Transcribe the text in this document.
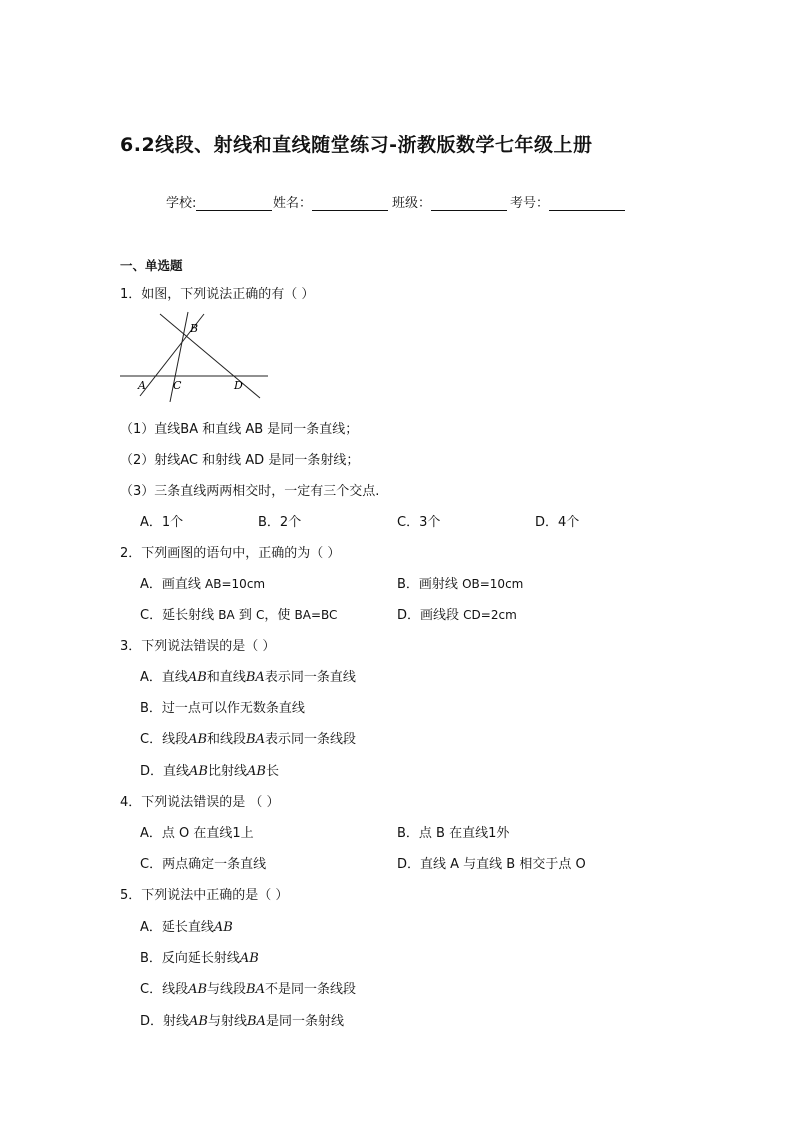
6.2线段、射线和直线随堂练习-浙教版数学七年级上册
学校:	姓名：	班级：	考号：
一、单选题
1．如图，下列说法正确的有（ ）
A C	D
B
（1）直线BA 和直线 AB 是同一条直线；
（2）射线AC 和射线 AD 是同一条射线；
（3）三条直线两两相交时，一定有三个交点.
A．1个	B．2个	C．3个	D．4个
2．下列画图的语句中，正确的为（ ）
A．画直线 AB=10cm	B．画射线 OB=10cm
C．延长射线 BA 到 C，使 BA=BC	D．画线段 CD=2cm
3．下列说法错误的是（ ）
A．直线AB和直线BA表示同一条直线
B．过一点可以作无数条直线
C．线段AB和线段BA表示同一条线段
D．直线AB比射线AB长
4．下列说法错误的是 （ ）
A．点 O 在直线1上	B．点 B 在直线1外
C．两点确定一条直线	D．直线 A 与直线 B 相交于点 O
5．下列说法中正确的是（ ）
A．延长直线AB
B．反向延长射线AB
C．线段AB与线段BA不是同一条线段
D．射线AB与射线BA是同一条射线
